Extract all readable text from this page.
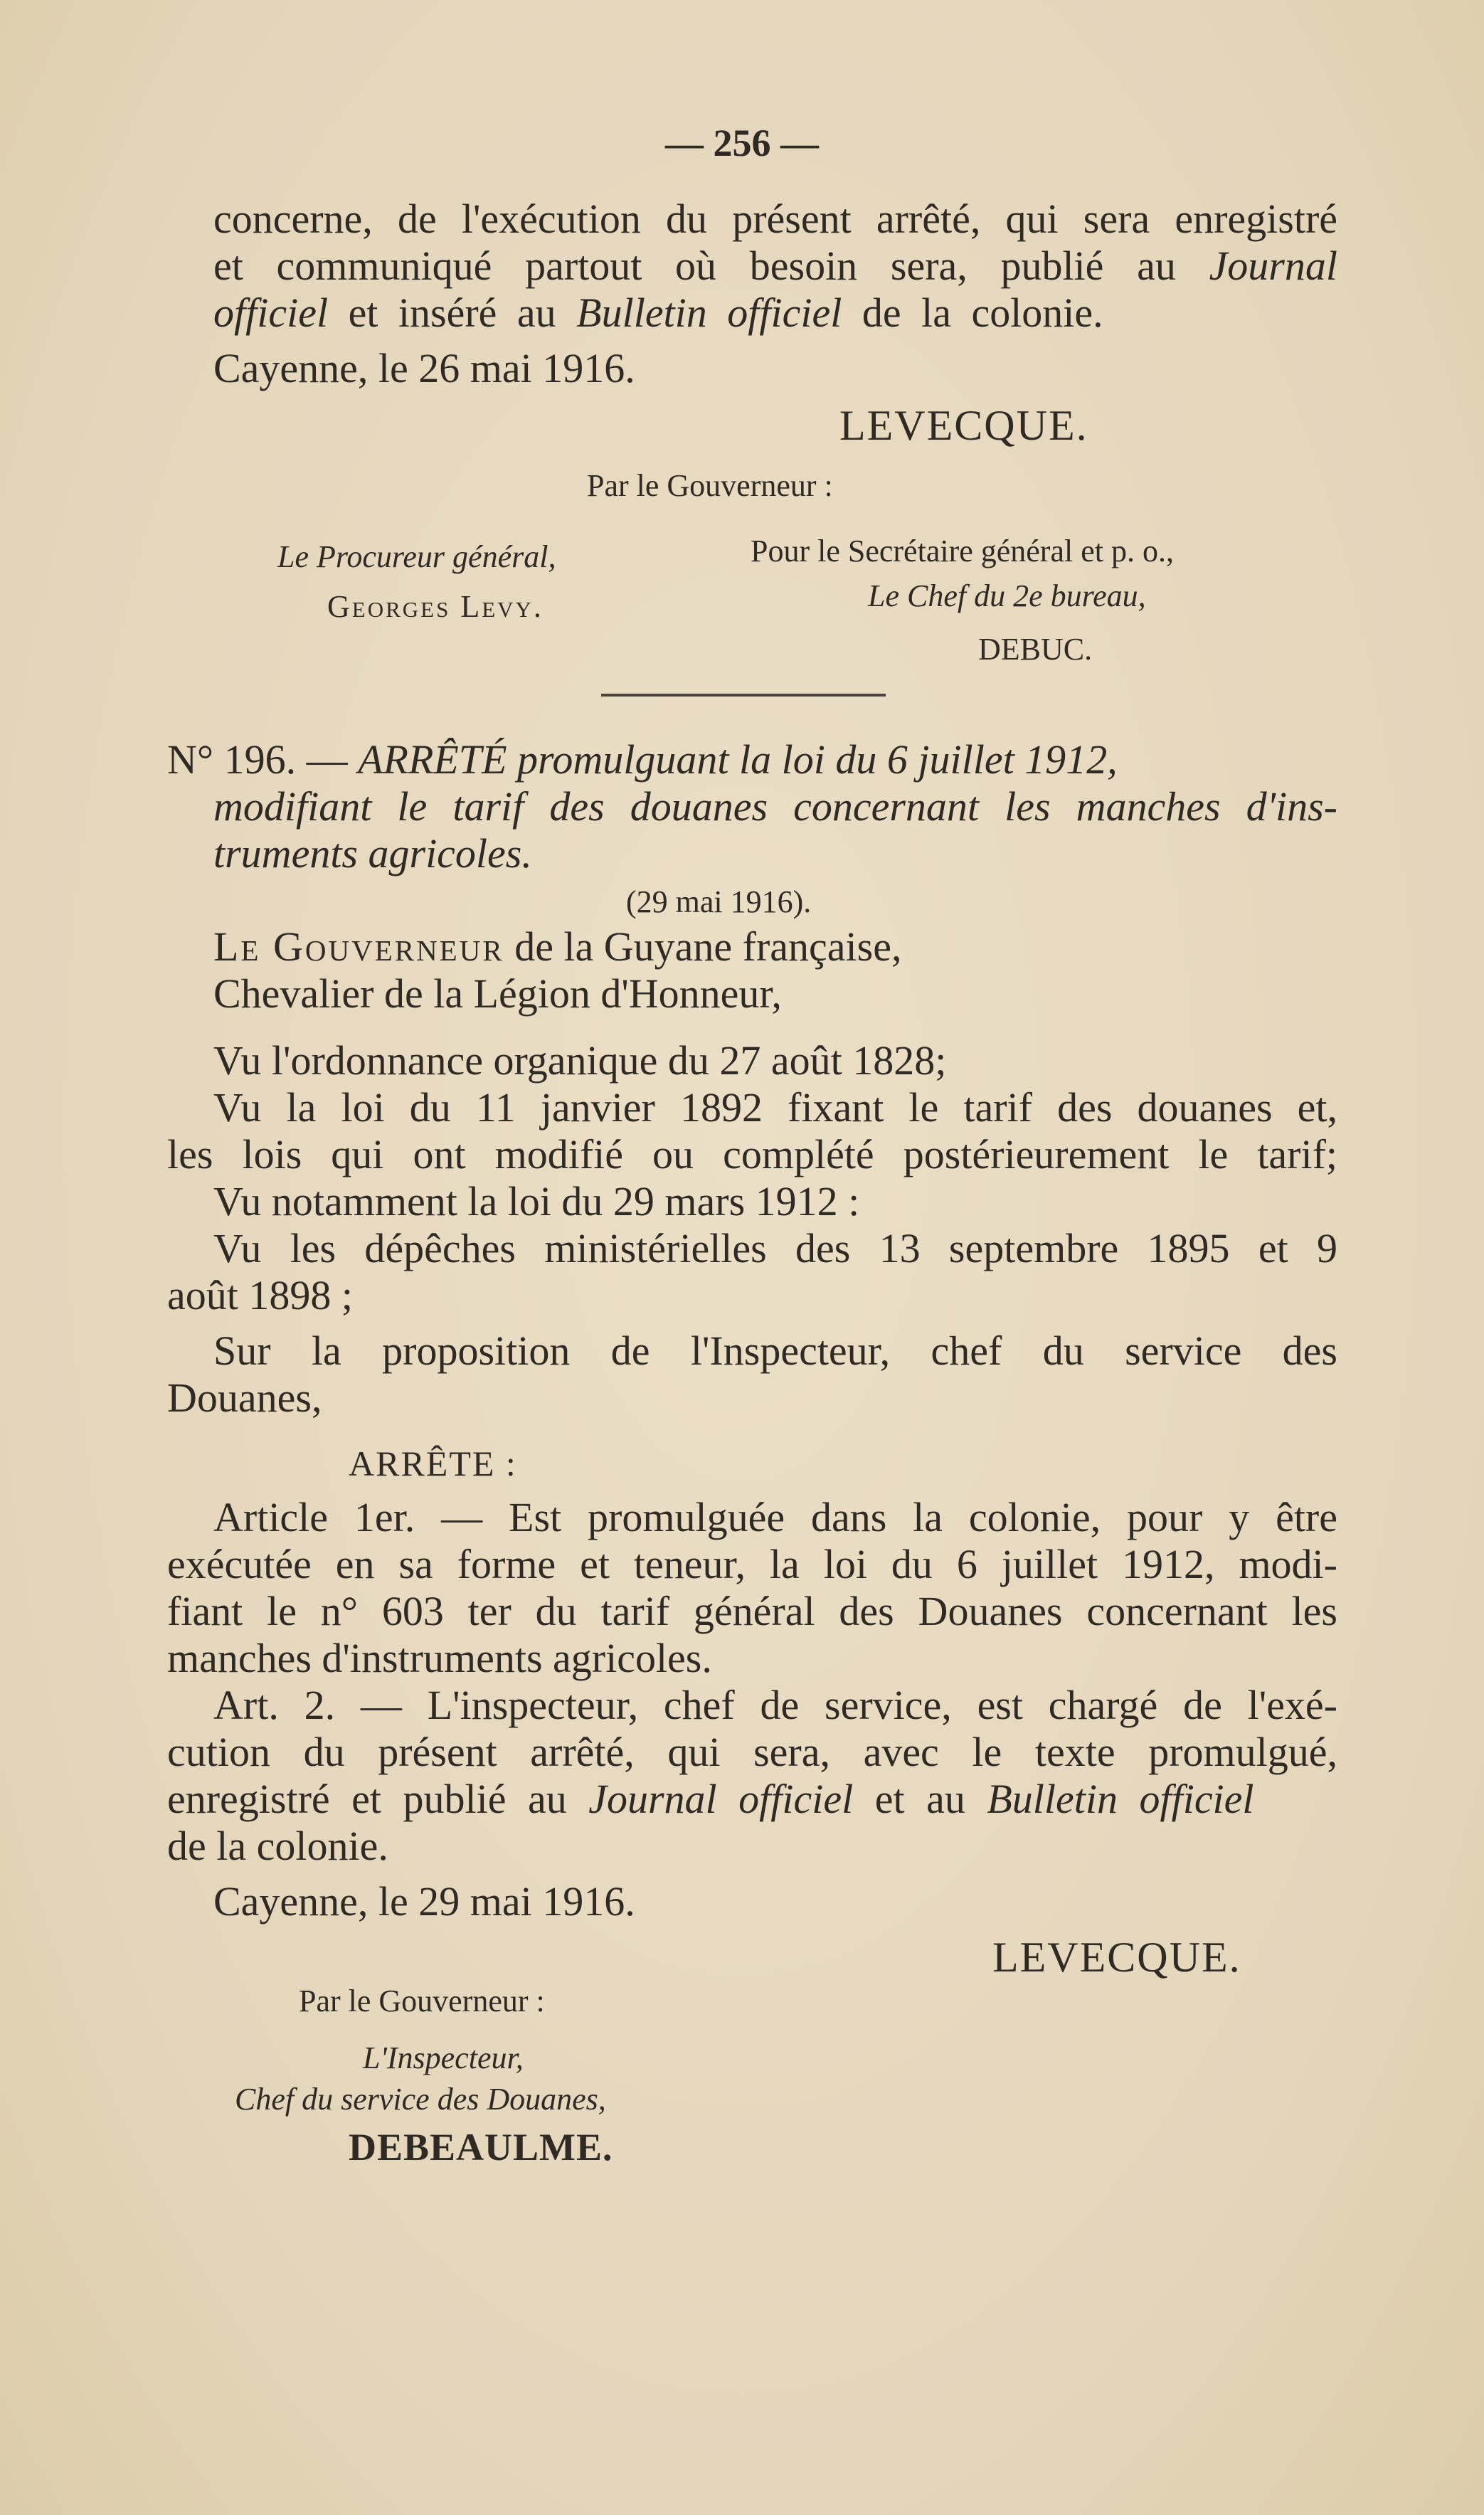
— 256 —
concerne, de l'exécution du présent arrêté, qui sera enregistré
et communiqué partout où besoin sera, publié au Journal
officiel et inséré au Bulletin officiel de la colonie.
Cayenne, le 26 mai 1916.
LEVECQUE.
Par le Gouverneur :
Le Procureur général,	Pour le Secrétaire général et p. o.,
Georges Levy.	Le Chef du 2e bureau,
DEBUC.
N° 196. — ARRÊTÉ promulguant la loi du 6 juillet 1912,
modifiant le tarif des douanes concernant les manches d'ins-
truments agricoles.
(29 mai 1916).
Le Gouverneur de la Guyane française,
Chevalier de la Légion d'Honneur,
Vu l'ordonnance organique du 27 août 1828;
Vu la loi du 11 janvier 1892 fixant le tarif des douanes et,
les lois qui ont modifié ou complété postérieurement le tarif;
Vu notamment la loi du 29 mars 1912 :
Vu les dépêches ministérielles des 13 septembre 1895 et 9
août 1898 ;
Sur la proposition de l'Inspecteur, chef du service des
Douanes,
ARRÊTE :
Article 1er. — Est promulguée dans la colonie, pour y être
exécutée en sa forme et teneur, la loi du 6 juillet 1912, modi-
fiant le n° 603 ter du tarif général des Douanes concernant les
manches d'instruments agricoles.
Art. 2. — L'inspecteur, chef de service, est chargé de l'exé-
cution du présent arrêté, qui sera, avec le texte promulgué,
enregistré et publié au Journal officiel et au Bulletin officiel
de la colonie.
Cayenne, le 29 mai 1916.
LEVECQUE.
Par le Gouverneur :
L'Inspecteur,
Chef du service des Douanes,
DEBEAULME.
